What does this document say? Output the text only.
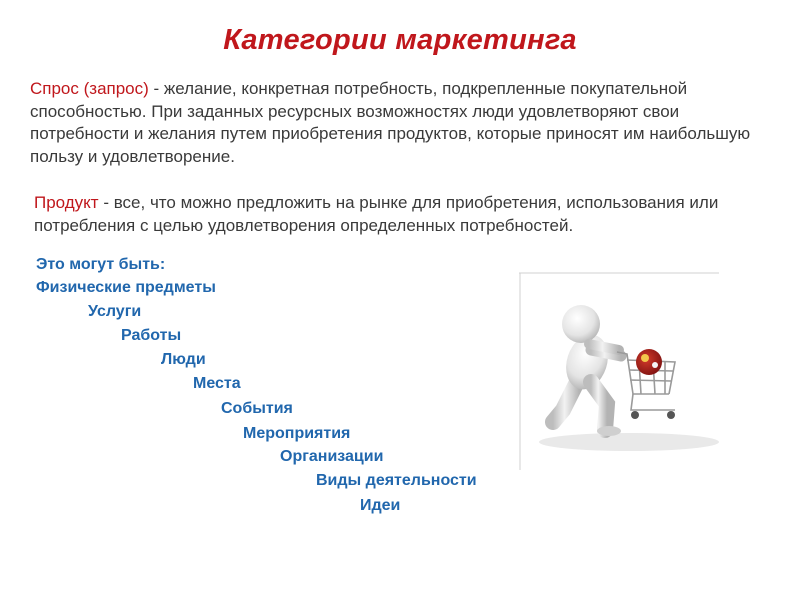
Категории маркетинга
Спрос (запрос) - желание, конкретная потребность, подкрепленные покупательной способностью. При заданных ресурсных возможностях люди удовлетворяют свои потребности и желания путем приобретения продуктов, которые приносят им наибольшую пользу и удовлетворение.
Продукт - все, что можно предложить на рынке для приобретения, использования или потребления с целью удовлетворения определенных потребностей.
Это могут быть:
Физические предметы
Услуги
Работы
Люди
Места
События
Мероприятия
Организации
Виды деятельности
Идеи
